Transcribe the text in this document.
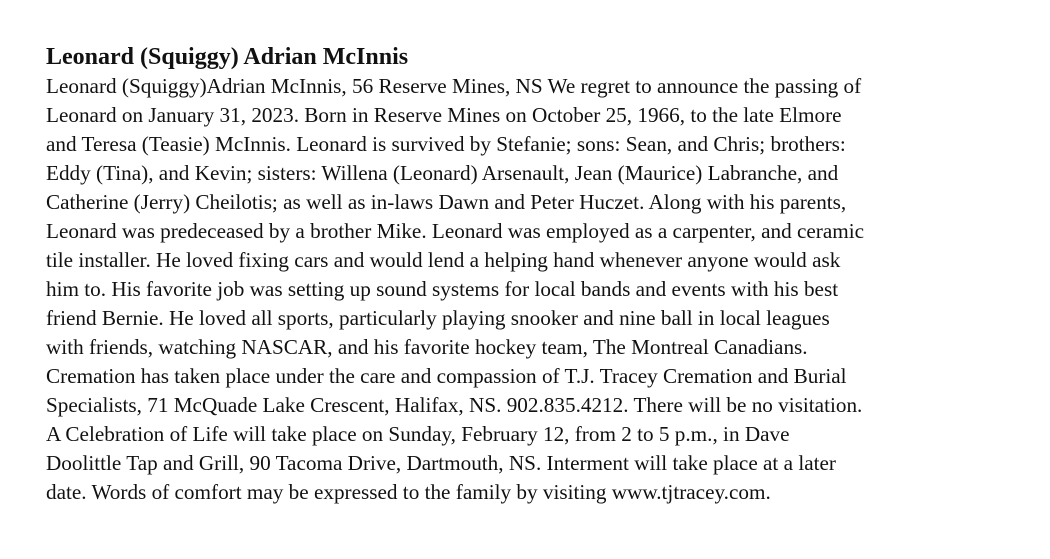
Leonard (Squiggy) Adrian McInnis
Leonard (Squiggy)Adrian McInnis, 56 Reserve Mines, NS We regret to announce the passing of
Leonard on January 31, 2023. Born in Reserve Mines on October 25, 1966, to the late Elmore
and Teresa (Teasie) McInnis. Leonard is survived by Stefanie; sons: Sean, and Chris; brothers:
Eddy (Tina), and Kevin; sisters: Willena (Leonard) Arsenault, Jean (Maurice) Labranche, and
Catherine (Jerry) Cheilotis; as well as in-laws Dawn and Peter Huczet. Along with his parents,
Leonard was predeceased by a brother Mike. Leonard was employed as a carpenter, and ceramic
tile installer. He loved fixing cars and would lend a helping hand whenever anyone would ask
him to. His favorite job was setting up sound systems for local bands and events with his best
friend Bernie. He loved all sports, particularly playing snooker and nine ball in local leagues
with friends, watching NASCAR, and his favorite hockey team, The Montreal Canadians.
Cremation has taken place under the care and compassion of T.J. Tracey Cremation and Burial
Specialists, 71 McQuade Lake Crescent, Halifax, NS. 902.835.4212. There will be no visitation.
A Celebration of Life will take place on Sunday, February 12, from 2 to 5 p.m., in Dave
Doolittle Tap and Grill, 90 Tacoma Drive, Dartmouth, NS. Interment will take place at a later
date. Words of comfort may be expressed to the family by visiting www.tjtracey.com.
